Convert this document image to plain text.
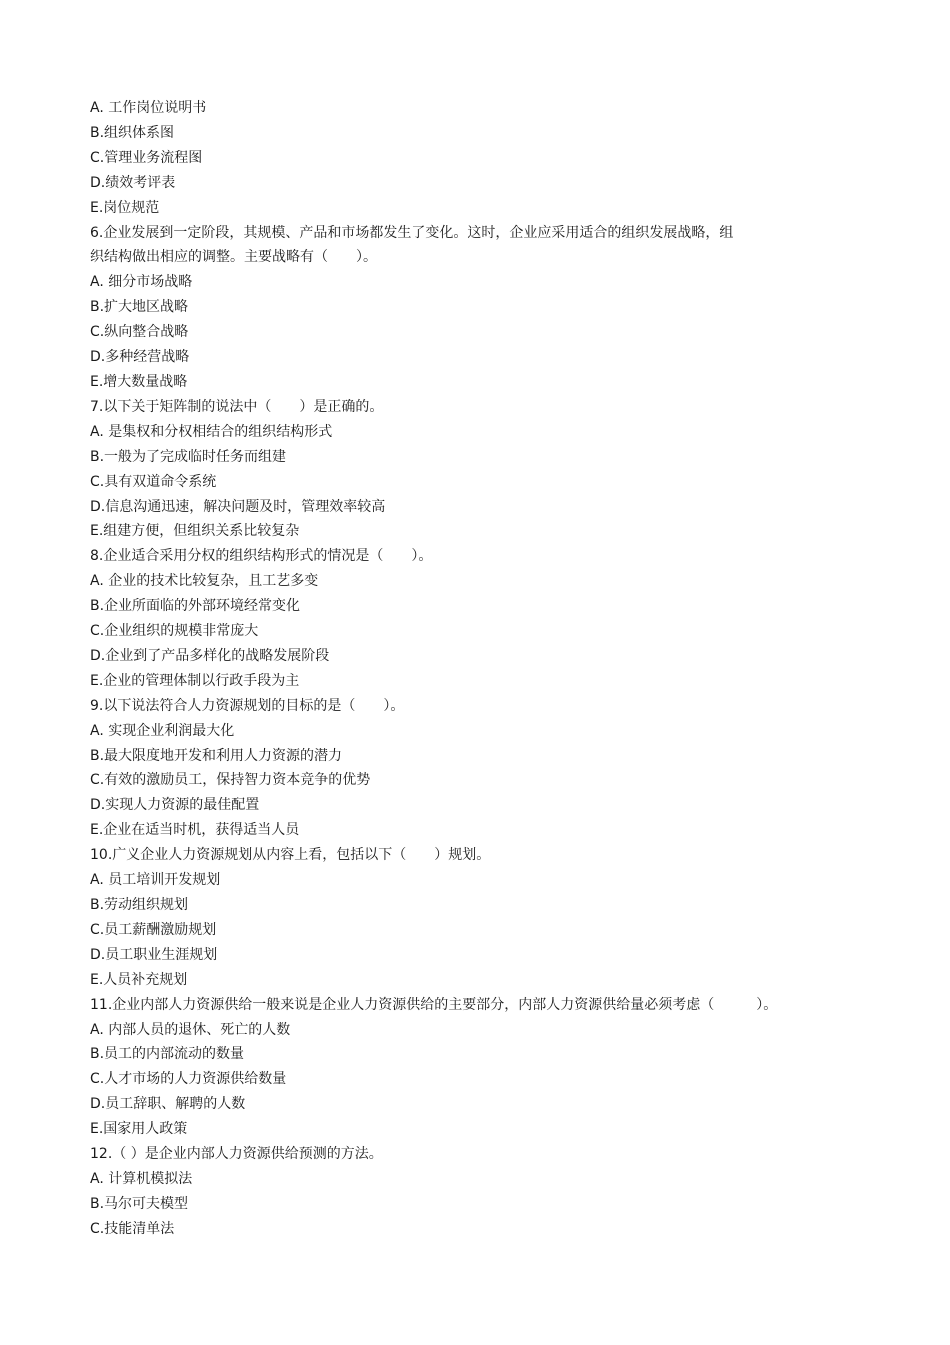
A. 工作岗位说明书
B.组织体系图
C.管理业务流程图
D.绩效考评表
E.岗位规范
6.企业发展到一定阶段，其规模、产品和市场都发生了变化。这时，企业应采用适合的组织发展战略，组
织结构做出相应的调整。主要战略有（　　）。
A. 细分市场战略
B.扩大地区战略
C.纵向整合战略
D.多种经营战略
E.增大数量战略
7.以下关于矩阵制的说法中（　　）是正确的。
A. 是集权和分权相结合的组织结构形式
B.一般为了完成临时任务而组建
C.具有双道命令系统
D.信息沟通迅速，解决问题及时，管理效率较高
E.组建方便，但组织关系比较复杂
8.企业适合采用分权的组织结构形式的情况是（　　）。
A. 企业的技术比较复杂，且工艺多变
B.企业所面临的外部环境经常变化
C.企业组织的规模非常庞大
D.企业到了产品多样化的战略发展阶段
E.企业的管理体制以行政手段为主
9.以下说法符合人力资源规划的目标的是（　　）。
A. 实现企业利润最大化
B.最大限度地开发和利用人力资源的潜力
C.有效的激励员工，保持智力资本竞争的优势
D.实现人力资源的最佳配置
E.企业在适当时机，获得适当人员
10.广义企业人力资源规划从内容上看，包括以下（　　）规划。
A. 员工培训开发规划
B.劳动组织规划
C.员工薪酬激励规划
D.员工职业生涯规划
E.人员补充规划
11.企业内部人力资源供给一般来说是企业人力资源供给的主要部分，内部人力资源供给量必须考虑（　　　）。
A. 内部人员的退休、死亡的人数
B.员工的内部流动的数量
C.人才市场的人力资源供给数量
D.员工辞职、解聘的人数
E.国家用人政策
12.（ ）是企业内部人力资源供给预测的方法。
A. 计算机模拟法
B.马尔可夫模型
C.技能清单法
